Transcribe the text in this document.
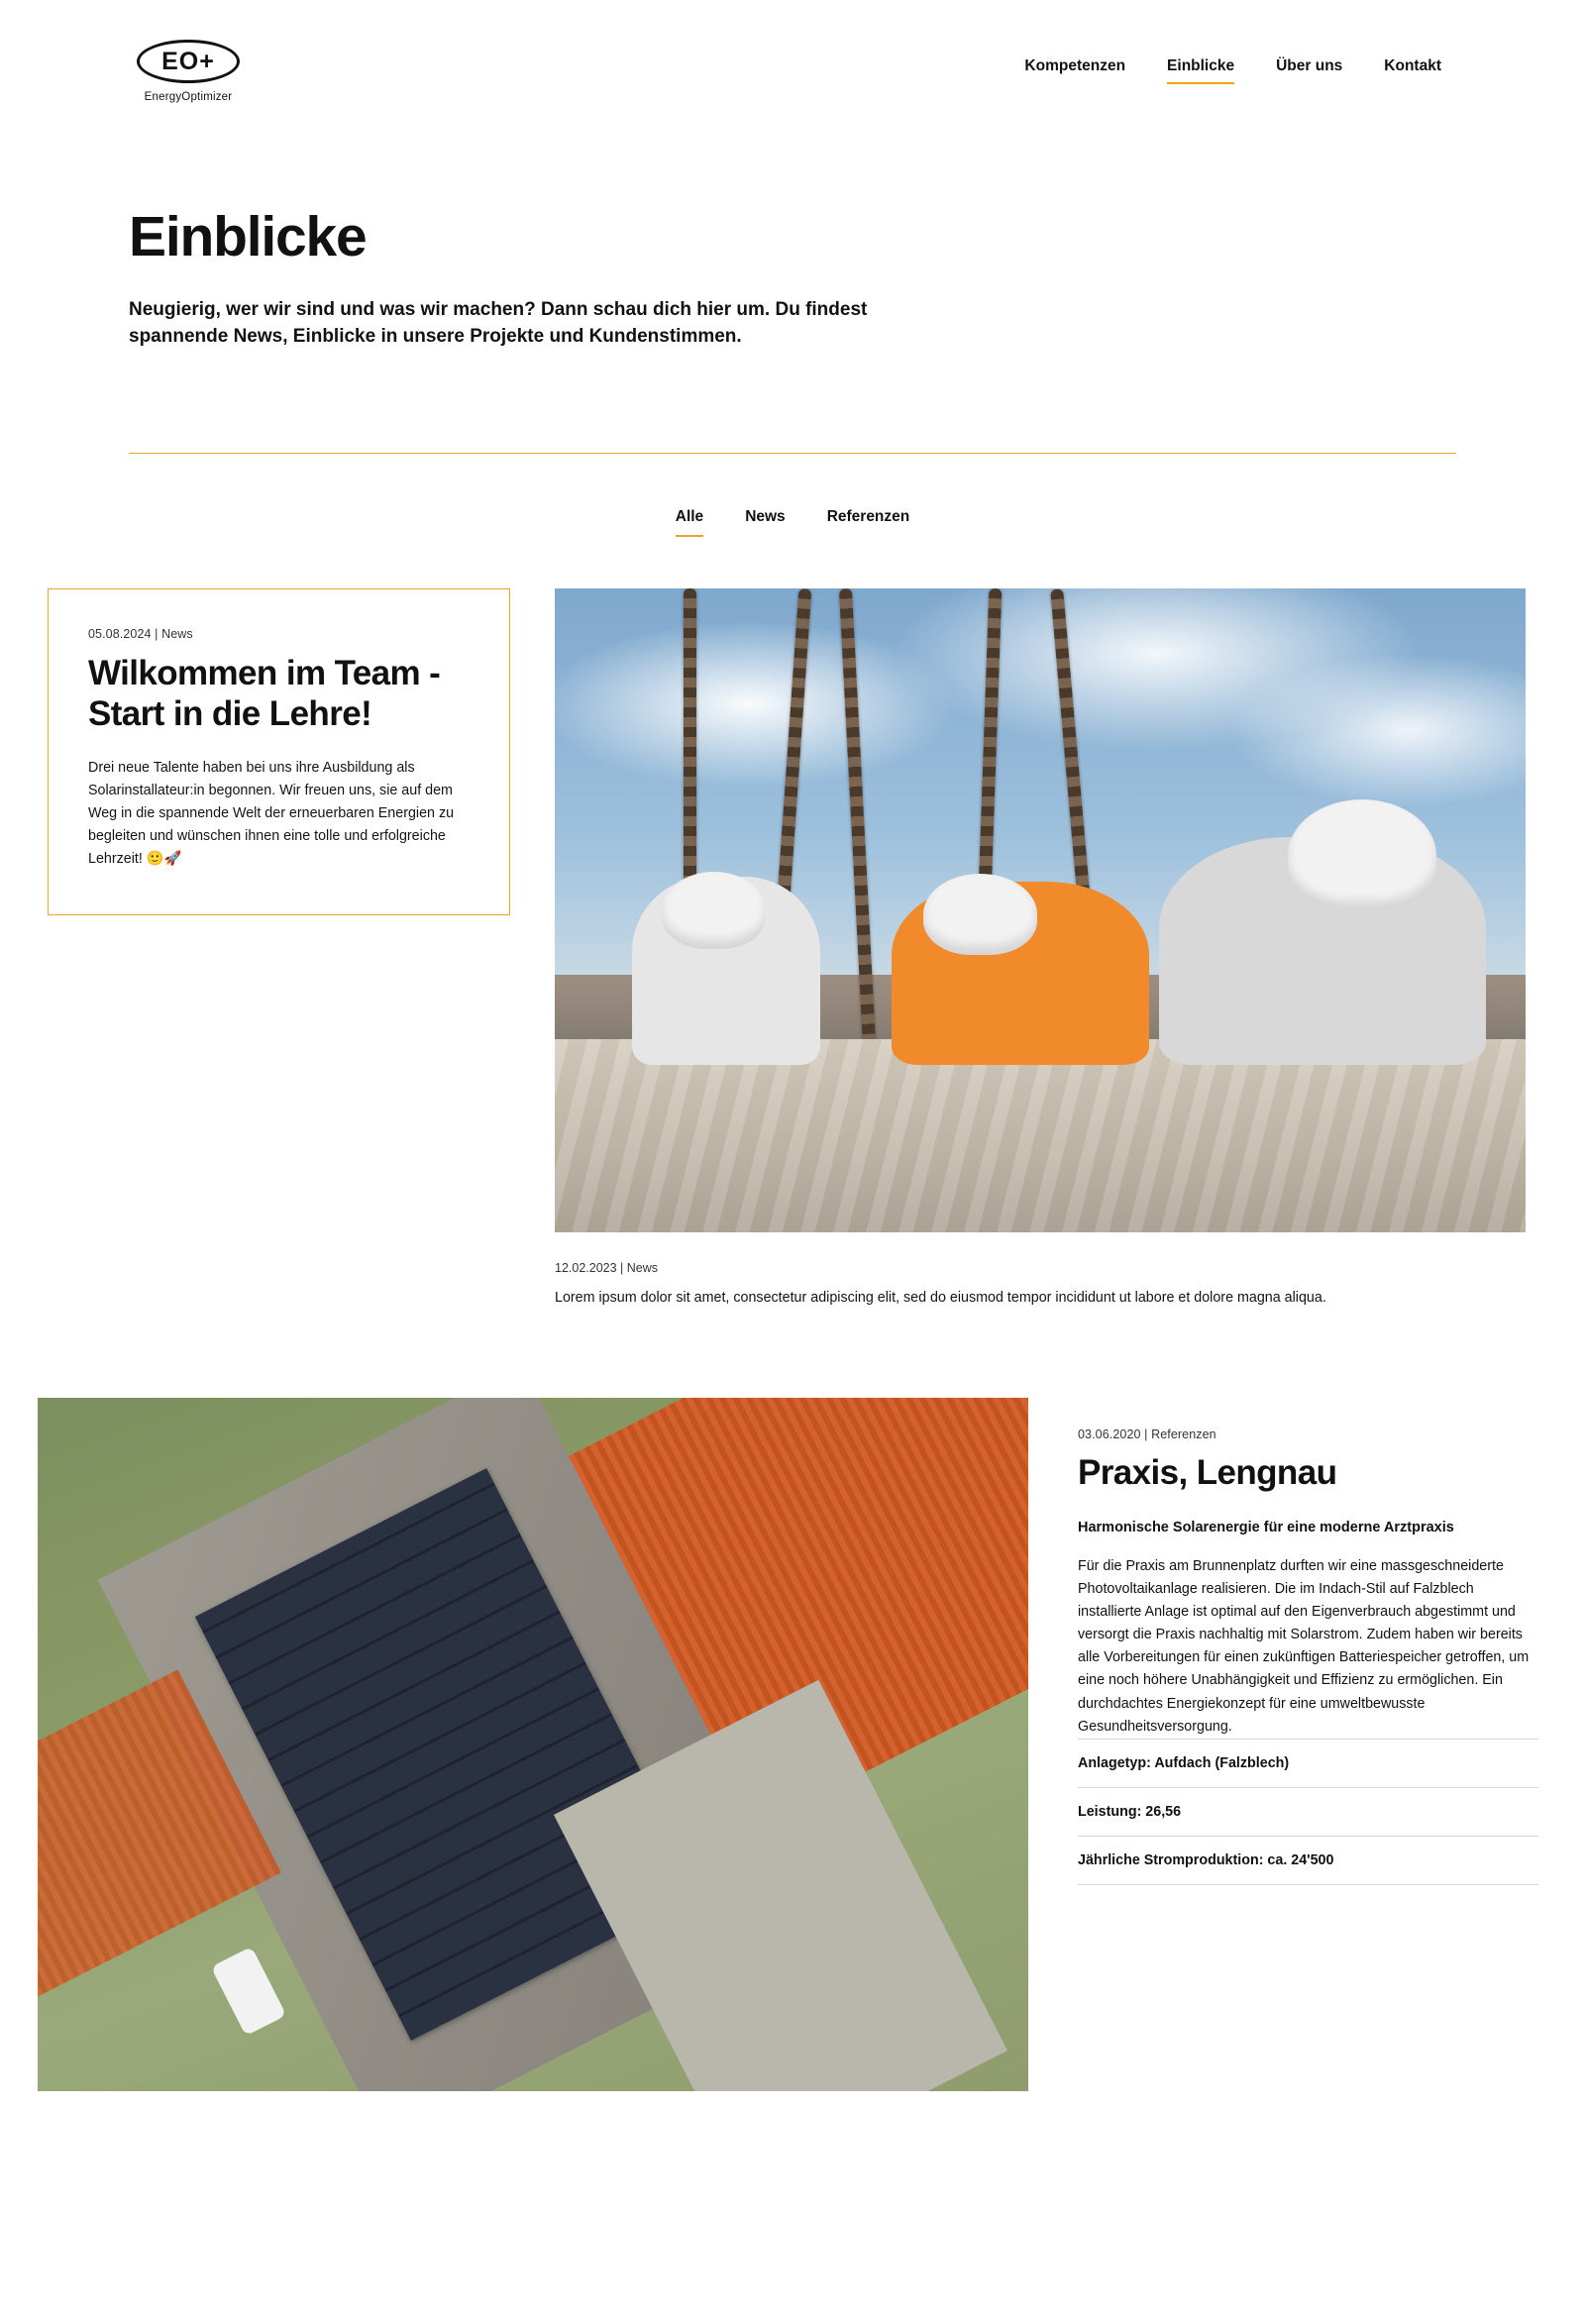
EO+
EnergyOptimizer
Kompetenzen	Einblicke	Über uns	Kontakt
Einblicke

Neugierig, wer wir sind und was wir machen? Dann schau dich hier um. Du findest spannende News, Einblicke in unsere Projekte und Kundenstimmen.

Alle	News	Referenzen
05.08.2024 | News
Wilkommen im Team - Start in die Lehre!

Drei neue Talente haben bei uns ihre Ausbildung als Solarinstallateur:in begonnen. Wir freuen uns, sie auf dem Weg in die spannende Welt der erneuerbaren Energien zu begleiten und wünschen ihnen eine tolle und erfolgreiche Lehrzeit! 🙂🚀

12.02.2023 | News

Lorem ipsum dolor sit amet, consectetur adipiscing elit, sed do eiusmod tempor incididunt ut labore et dolore magna aliqua.

03.06.2020 | Referenzen
Praxis, Lengnau

Harmonische Solarenergie für eine moderne Arztpraxis

Für die Praxis am Brunnenplatz durften wir eine massgeschneiderte Photovoltaikanlage realisieren. Die im Indach-Stil auf Falzblech installierte Anlage ist optimal auf den Eigenverbrauch abgestimmt und versorgt die Praxis nachhaltig mit Solarstrom. Zudem haben wir bereits alle Vorbereitungen für einen zukünftigen Batteriespeicher getroffen, um eine noch höhere Unabhängigkeit und Effizienz zu ermöglichen. Ein durchdachtes Energiekonzept für eine umweltbewusste Gesundheitsversorgung.

Anlagetyp: Aufdach (Falzblech)
Leistung: 26,56
Jährliche Stromproduktion: ca. 24'500
